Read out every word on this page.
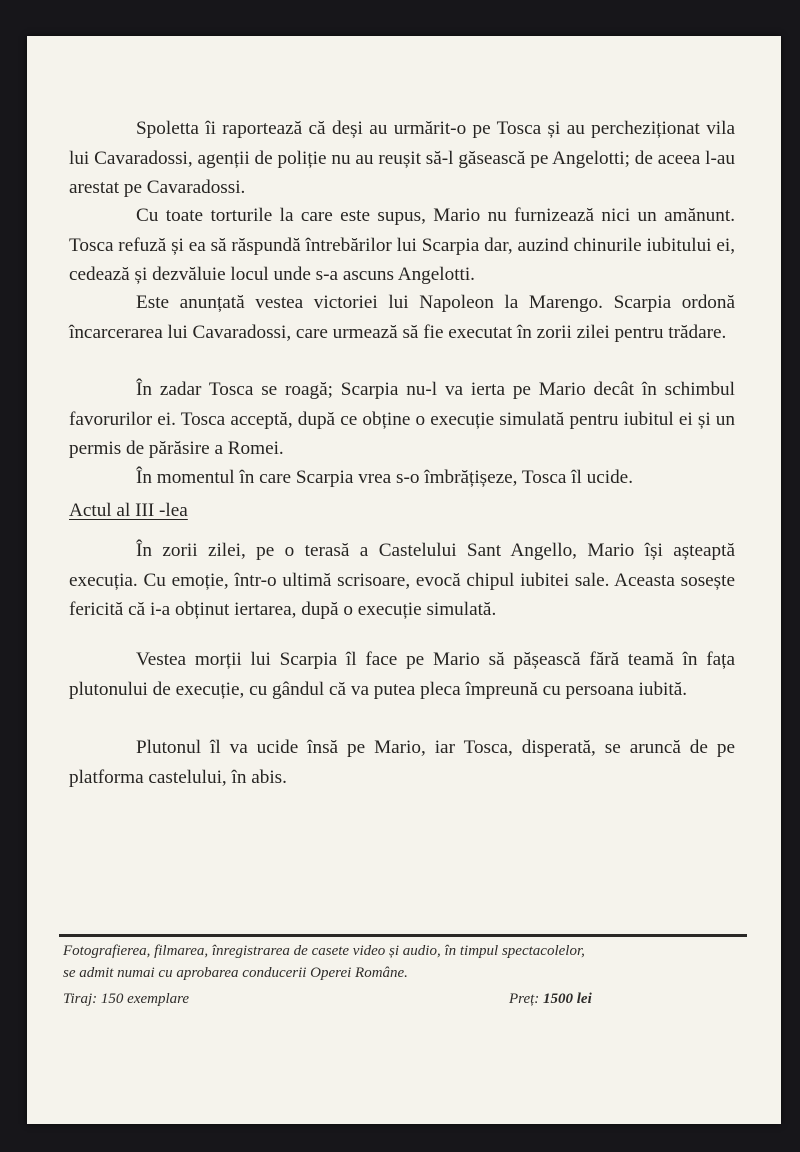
Spoletta îi raportează că deși au urmărit-o pe Tosca și au percheziționat vila lui Cavaradossi, agenții de poliție nu au reușit să-l găsească pe Angelotti; de aceea l-au arestat pe Cavaradossi.

Cu toate torturile la care este supus, Mario nu furnizează nici un amănunt. Tosca refuză și ea să răspundă întrebărilor lui Scarpia dar, auzind chinurile iubitului ei, cedează și dezvăluie locul unde s-a ascuns Angelotti.

Este anunțată vestea victoriei lui Napoleon la Marengo. Scarpia ordonă încarcerarea lui Cavaradossi, care urmează să fie executat în zorii zilei pentru trădare.

În zadar Tosca se roagă; Scarpia nu-l va ierta pe Mario decât în schimbul favorurilor ei. Tosca acceptă, după ce obține o execuție simulată pentru iubitul ei și un permis de părăsire a Romei.

În momentul în care Scarpia vrea s-o îmbrățișeze, Tosca îl ucide.

Actul al III -lea

În zorii zilei, pe o terasă a Castelului Sant Angello, Mario își așteaptă execuția. Cu emoție, într-o ultimă scrisoare, evocă chipul iubitei sale. Aceasta sosește fericită că i-a obținut iertarea, după o execuție simulată.

Vestea morții lui Scarpia îl face pe Mario să pășească fără teamă în fața plutonului de execuție, cu gândul că va putea pleca împreună cu persoana iubită.

Plutonul îl va ucide însă pe Mario, iar Tosca, disperată, se aruncă de pe platforma castelului, în abis.

Fotografierea, filmarea, înregistrarea de casete video și audio, în timpul spectacolelor,

se admit numai cu aprobarea conducerii Operei Române.

Tiraj: 150 exemplare	Preț: 1500 lei
